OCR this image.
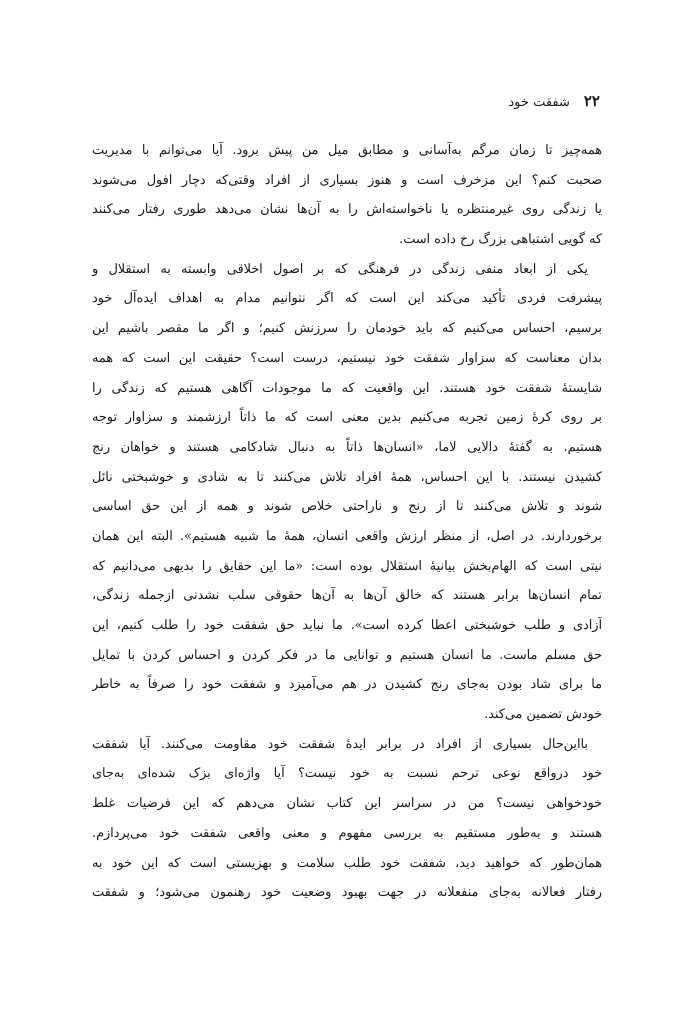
۲۲
شفقت خود
همه‌چیز تا زمان مرگم به‌آسانی و مطابق میل من پیش برود. آیا می‌توانم با مدیریت
صحبت کنم؟ این مزخرف است و هنوز بسیاری از افراد وقتی‌که دچار افول می‌شوند
یا زندگی روی غیرمنتظره یا ناخواسته‌اش را به آن‌ها نشان می‌دهد طوری رفتار می‌کنند
که گویی اشتباهی بزرگ رخ داده است.
یکی از ابعاد منفی زندگی در فرهنگی که بر اصول اخلاقی وابسته به استقلال و
پیشرفت فردی تأکید می‌کند این است که اگر نتوانیم مدام به اهداف ایده‌آل خود
برسیم، احساس می‌کنیم که باید خودمان را سرزنش کنیم؛ و اگر ما مقصر باشیم این
بدان معناست که سزاوار شفقت خود نیستیم، درست است؟ حقیقت این است که همه
شایستهٔ شفقت خود هستند. این واقعیت که ما موجودات آگاهی هستیم که زندگی را
بر روی کرهٔ زمین تجربه می‌کنیم بدین معنی است که ما ذاتاً ارزشمند و سزاوار توجه
هستیم. به گفتهٔ دالایی لاما، «انسان‌ها ذاتاً به دنبال شادکامی هستند و خواهان رنج
کشیدن نیستند. با این احساس، همهٔ افراد تلاش می‌کنند تا به شادی و خوشبختی نائل
شوند و تلاش می‌کنند تا از رنج و ناراحتی خلاص شوند و همه از این حق اساسی
برخوردارند. در اصل، از منظر ارزش واقعی انسان، همهٔ ما شبیه هستیم». البته این همان
نیتی است که الهام‌بخش بیانیهٔ استقلال بوده است: «ما این حقایق را بدیهی می‌دانیم که
تمام انسان‌ها برابر هستند که خالق آن‌ها به آن‌ها حقوقی سلب نشدنی ازجمله زندگی،
آزادی و طلب خوشبختی اعطا کرده است». ما نباید حق شفقت خود را طلب کنیم، این
حق مسلم ماست. ما انسان هستیم و توانایی ما در فکر کردن و احساس کردن با تمایل
ما برای شاد بودن به‌جای رنج کشیدن در هم می‌آمیزد و شفقت خود را صرفاً به خاطر
خودش تضمین می‌کند.
بااین‌حال بسیاری از افراد در برابر ایدهٔ شفقت خود مقاومت می‌کنند. آیا شفقت
خود درواقع نوعی ترحم نسبت به خود نیست؟ آیا واژه‌ای بزک شده‌ای به‌جای
خودخواهی نیست؟ من در سراسر این کتاب نشان می‌دهم که این فرضیات غلط
هستند و به‌طور مستقیم به بررسی مفهوم و معنی واقعی شفقت خود می‌پردازم.
همان‌طور که خواهید دید، شفقت خود طلب سلامت و بهزیستی است که این خود به
رفتار فعالانه به‌جای منفعلانه در جهت بهبود وضعیت خود رهنمون می‌شود؛ و شفقت
